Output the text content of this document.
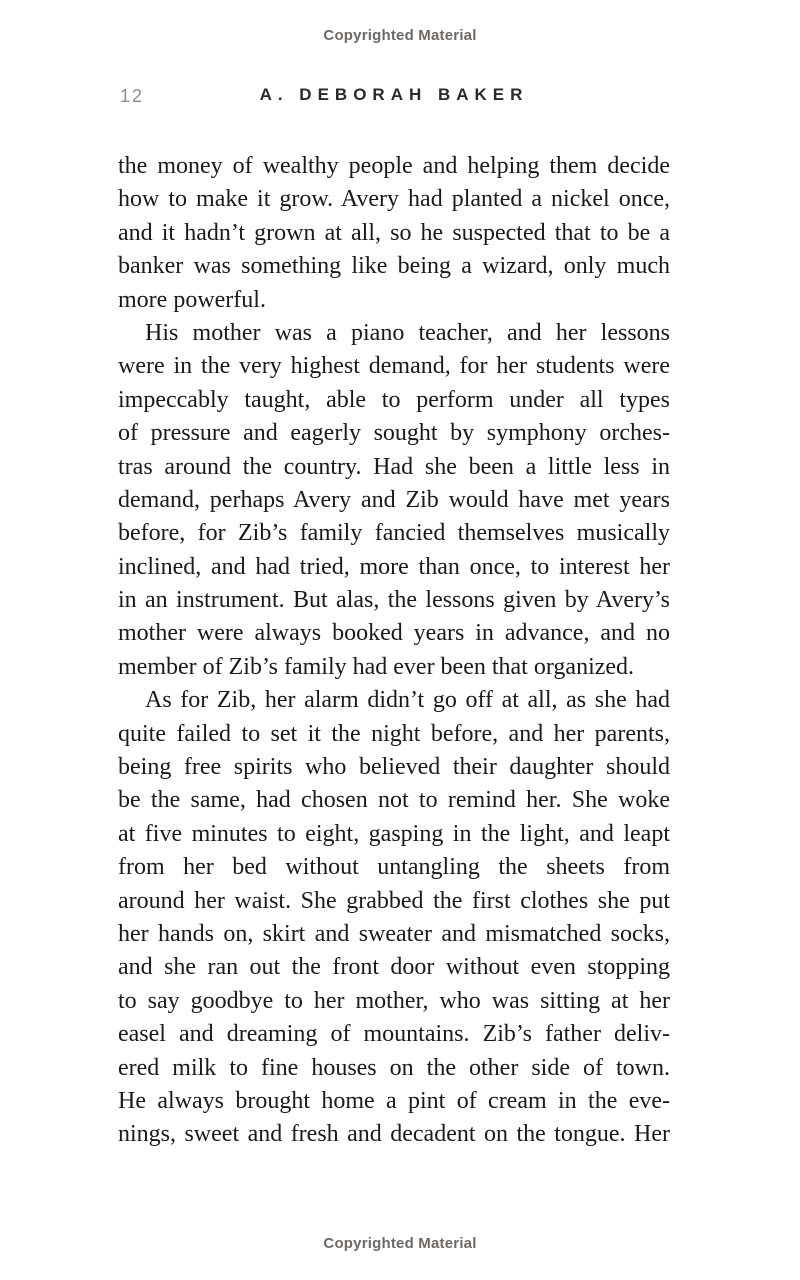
Copyrighted Material
12	A. DEBORAH BAKER
the money of wealthy people and helping them decide
how to make it grow. Avery had planted a nickel once,
and it hadn’t grown at all, so he suspected that to be a
banker was something like being a wizard, only much
more powerful.
His mother was a piano teacher, and her lessons
were in the very highest demand, for her students were
impeccably taught, able to perform under all types
of pressure and eagerly sought by symphony orches-
tras around the country. Had she been a little less in
demand, perhaps Avery and Zib would have met years
before, for Zib’s family fancied themselves musically
inclined, and had tried, more than once, to interest her
in an instrument. But alas, the lessons given by Avery’s
mother were always booked years in advance, and no
member of Zib’s family had ever been that organized.
As for Zib, her alarm didn’t go off at all, as she had
quite failed to set it the night before, and her parents,
being free spirits who believed their daughter should
be the same, had chosen not to remind her. She woke
at five minutes to eight, gasping in the light, and leapt
from her bed without untangling the sheets from
around her waist. She grabbed the first clothes she put
her hands on, skirt and sweater and mismatched socks,
and she ran out the front door without even stopping
to say goodbye to her mother, who was sitting at her
easel and dreaming of mountains. Zib’s father deliv-
ered milk to fine houses on the other side of town.
He always brought home a pint of cream in the eve-
nings, sweet and fresh and decadent on the tongue. Her
Copyrighted Material
